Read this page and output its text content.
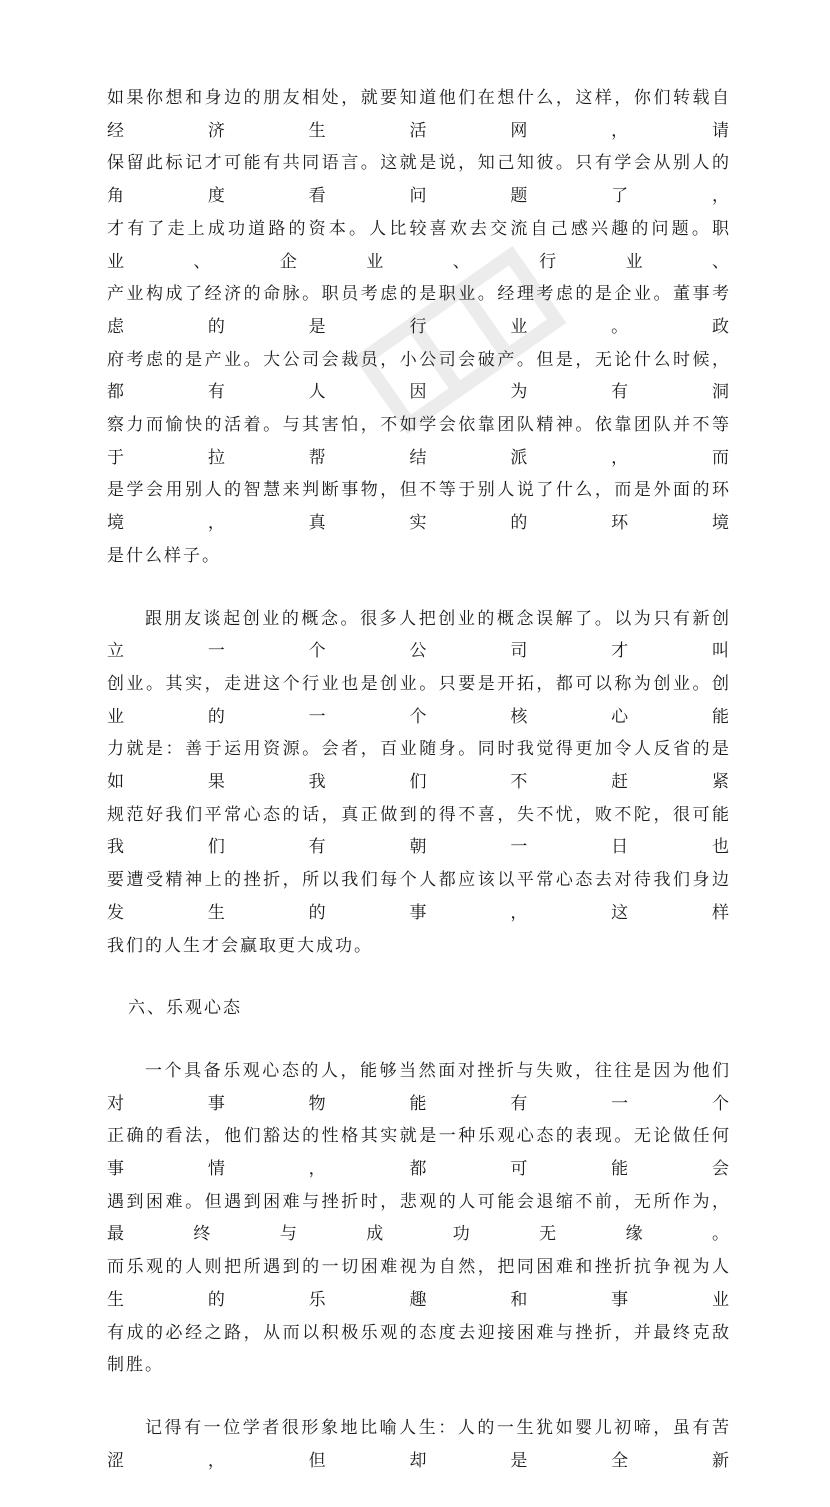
如果你想和身边的朋友相处，就要知道他们在想什么，这样，你们转载自经济生活网，请
保留此标记才可能有共同语言。这就是说，知己知彼。只有学会从别人的角度看问题了，
才有了走上成功道路的资本。人比较喜欢去交流自己感兴趣的问题。职业、企业、行业、
产业构成了经济的命脉。职员考虑的是职业。经理考虑的是企业。董事考虑的是行业。政
府考虑的是产业。大公司会裁员，小公司会破产。但是，无论什么时候，都有人因为有洞
察力而愉快的活着。与其害怕，不如学会依靠团队精神。依靠团队并不等于拉帮结派，而
是学会用别人的智慧来判断事物，但不等于别人说了什么，而是外面的环境，真实的环境
是什么样子。
跟朋友谈起创业的概念。很多人把创业的概念误解了。以为只有新创立一个公司才叫
创业。其实，走进这个行业也是创业。只要是开拓，都可以称为创业。创业的一个核心能
力就是：善于运用资源。会者，百业随身。同时我觉得更加令人反省的是如果我们不赶紧
规范好我们平常心态的话，真正做到的得不喜，失不忧，败不陀，很可能我们有朝一日也
要遭受精神上的挫折，所以我们每个人都应该以平常心态去对待我们身边发生的事，这样
我们的人生才会赢取更大成功。
六、乐观心态
一个具备乐观心态的人，能够当然面对挫折与失败，往往是因为他们对事物能有一个
正确的看法，他们豁达的性格其实就是一种乐观心态的表现。无论做任何事情，都可能会
遇到困难。但遇到困难与挫折时，悲观的人可能会退缩不前，无所作为，最终与成功无缘。
而乐观的人则把所遇到的一切困难视为自然，把同困难和挫折抗争视为人生的乐趣和事业
有成的必经之路，从而以积极乐观的态度去迎接困难与挫折，并最终克敌制胜。
记得有一位学者很形象地比喻人生：人的一生犹如婴儿初啼，虽有苦涩，但却是全新
